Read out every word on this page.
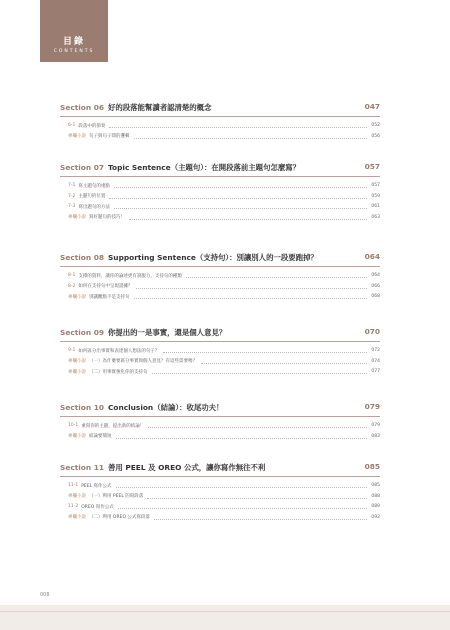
目錄
CONTENTS
Section 06 好的段落能幫讀者認清楚的概念	047
6-1 段落中的節奏	052
專欄小說 句子與句子間的邏輯	056
Section 07 Topic Sentence（主題句）：在開段落前主題句怎麼寫？	057
7-1 寫主題句的重點	057
7-2 主題句的位置	059
7-3 寫出題句的方法	061
專欄小說 寫好題句的技巧！	063
Section 08 Supporting Sentence（支持句）：別讓別人的一段要跑掉？	064
8-1 支撐的資料，讓你的論述更有說服力，支持句的種類	064
8-2 如何在支持句中呈現證據？	066
專欄小說 別讓觀點不是支持句	068
Section 09 你提出的一是事實，還是個人意見？	070
9-1 如何區分出事實和表達個人想法的句子？	072
專欄小說 （一）為什麼要區分事實與個人意見？有這些需要嗎？	074
專欄小說 （二）用事實強化你的支持句	077
Section 10 Conclusion（結論）：收尾功夫！	079
10-1 重寫你的主題，提出新的結論！	079
專欄小說 結論要簡短	083
Section 11 善用 PEEL 及 OREO 公式，讓你寫作無往不利	085
11-1 PEEL 寫作公式	085
專欄小說 （一）利用 PEEL 的寫段落	088
11-2 OREO 寫作公式	089
專欄小說 （二）利用 OREO 公式寫段落	092
008
